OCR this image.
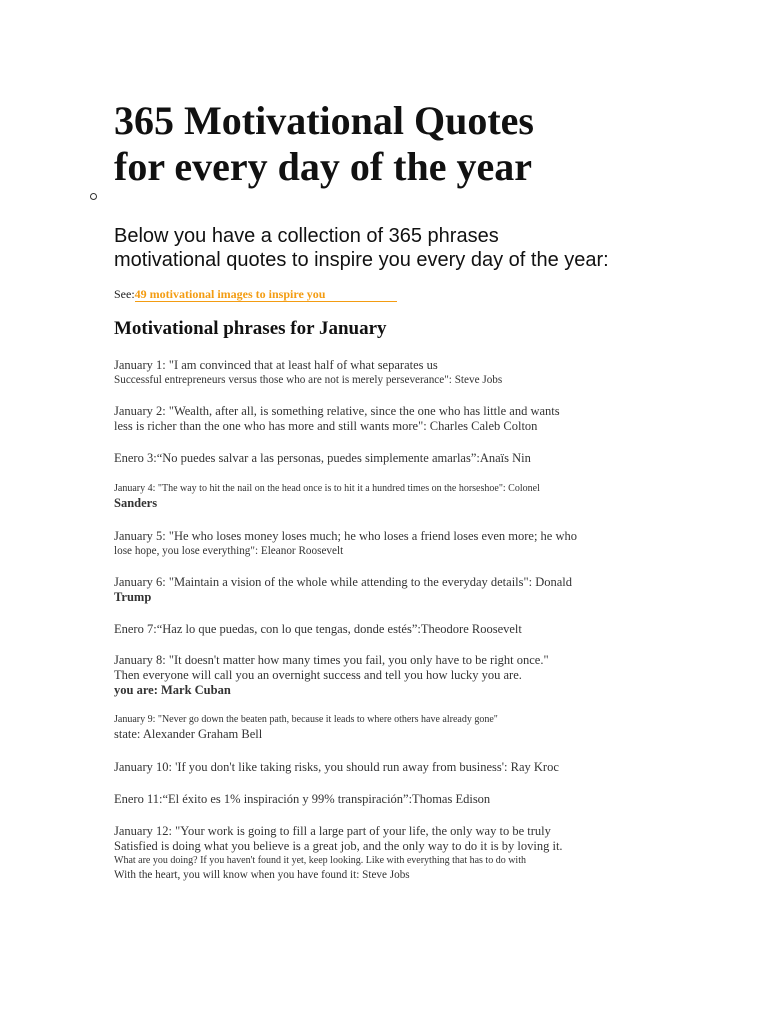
365 Motivational Quotes
for every day of the year

Below you have a collection of 365 phrases
motivational quotes to inspire you every day of the year:

See:49 motivational images to inspire you
Motivational phrases for January

January 1: "I am convinced that at least half of what separates us
Successful entrepreneurs versus those who are not is merely perseverance": Steve Jobs

January 2: "Wealth, after all, is something relative, since the one who has little and wants
less is richer than the one who has more and still wants more": Charles Caleb Colton

Enero 3:“No puedes salvar a las personas, puedes simplemente amarlas”:Anaïs Nin

January 4: "The way to hit the nail on the head once is to hit it a hundred times on the horseshoe": Colonel
Sanders

January 5: "He who loses money loses much; he who loses a friend loses even more; he who
lose hope, you lose everything": Eleanor Roosevelt

January 6: "Maintain a vision of the whole while attending to the everyday details": Donald
Trump

Enero 7:“Haz lo que puedas, con lo que tengas, donde estés”:Theodore Roosevelt

January 8: "It doesn't matter how many times you fail, you only have to be right once."
Then everyone will call you an overnight success and tell you how lucky you are.
you are: Mark Cuban

January 9: "Never go down the beaten path, because it leads to where others have already gone"
state: Alexander Graham Bell

January 10: 'If you don't like taking risks, you should run away from business': Ray Kroc

Enero 11:“El éxito es 1% inspiración y 99% transpiración”:Thomas Edison

January 12: "Your work is going to fill a large part of your life, the only way to be truly
Satisfied is doing what you believe is a great job, and the only way to do it is by loving it.
What are you doing? If you haven't found it yet, keep looking. Like with everything that has to do with
With the heart, you will know when you have found it: Steve Jobs
